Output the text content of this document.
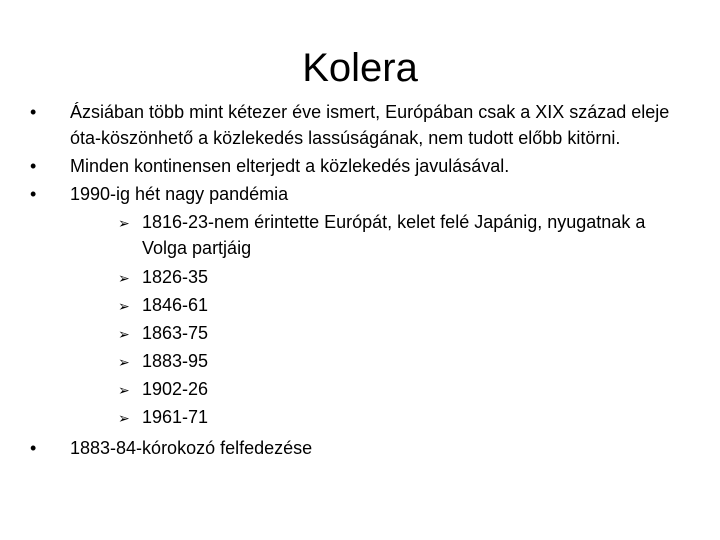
Kolera
•	Ázsiában több mint kétezer éve ismert, Európában csak a XIX század eleje
óta-köszönhető a közlekedés lassúságának, nem tudott előbb kitörni.
•	Minden kontinensen elterjedt a közlekedés javulásával.
•	1990-ig hét nagy pandémia
➢ 1816-23-nem érintette Európát, kelet felé Japánig, nyugatnak a
Volga partjáig
➢ 1826-35
➢ 1846-61
➢ 1863-75
➢ 1883-95
➢ 1902-26
➢ 1961-71
•	1883-84-kórokozó felfedezése
